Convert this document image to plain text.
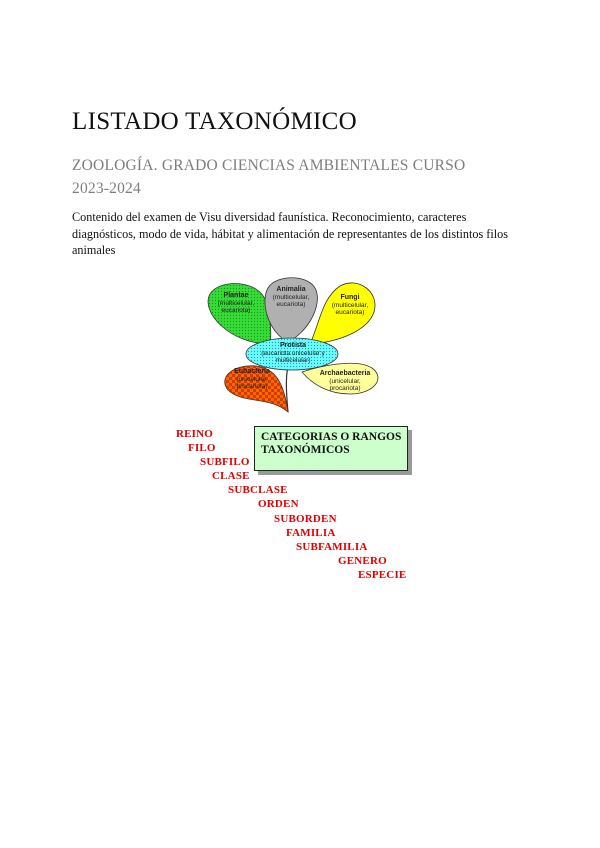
LISTADO TAXONÓMICO
ZOOLOGÍA. GRADO CIENCIAS AMBIENTALES CURSO 2023-2024

Contenido del examen de Visu diversidad faunística. Reconocimiento, caracteres diagnósticos, modo de vida, hábitat y alimentación de representantes de los distintos filos animales

Plantae
(multicelular, eucariota)
Animalia
(multicelular, eucariota)
Fungi
(multicelular, eucariota)
Protista
(eucariota unicelular y multicelular)
Eubacteria
(unicelular, procariota)
Archaebacteria
(unicelular, procariota)
CATEGORIAS O RANGOS TAXONÓMICOS
REINO
FILO
SUBFILO
CLASE
SUBCLASE
ORDEN
SUBORDEN
FAMILIA
SUBFAMILIA
GENERO
ESPECIE
